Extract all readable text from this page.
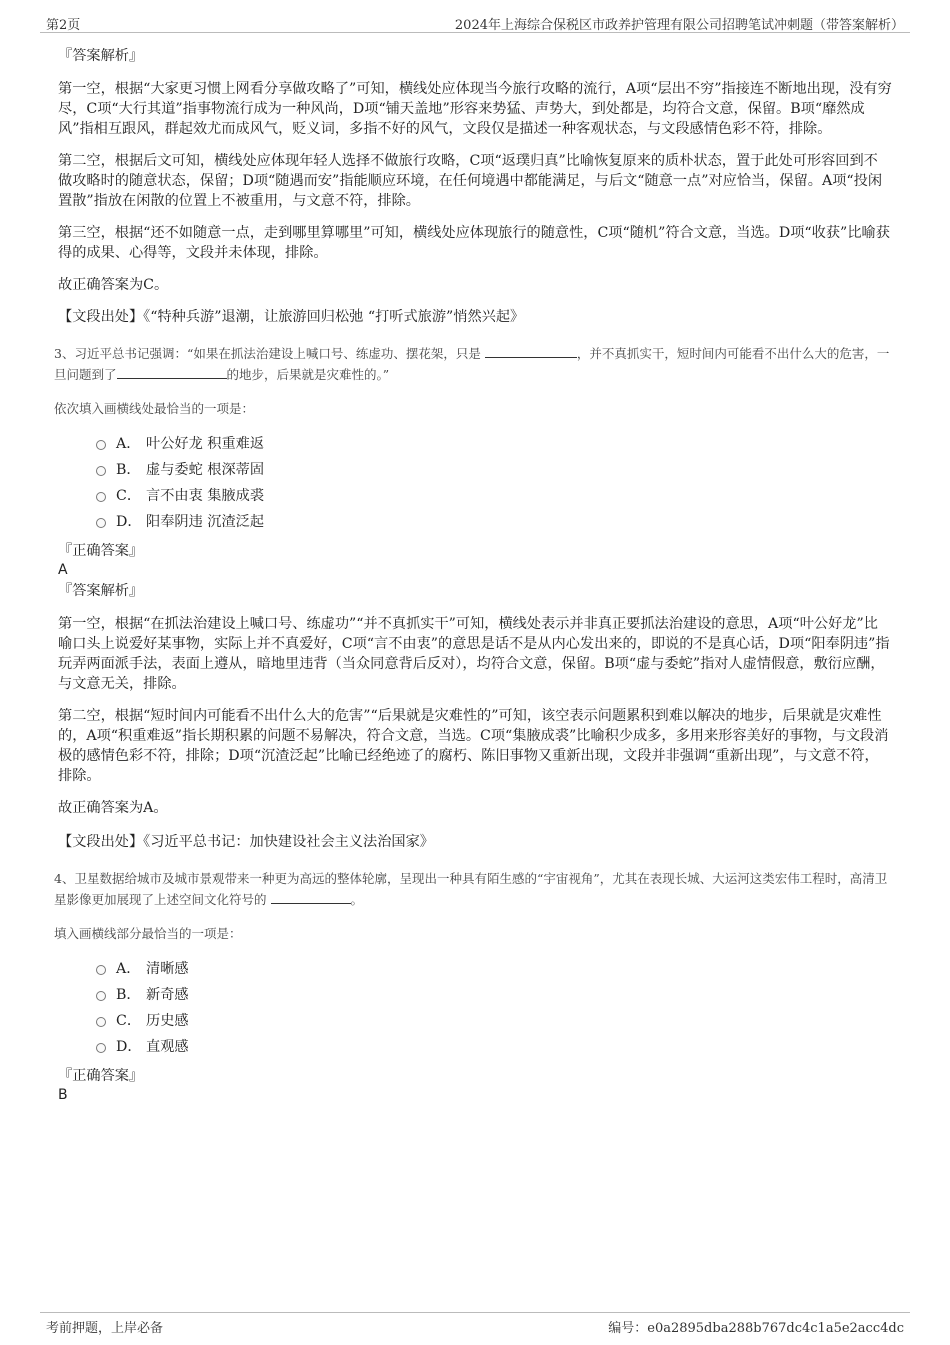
第2页	2024年上海综合保税区市政养护管理有限公司招聘笔试冲刺题（带答案解析）

『答案解析』

第一空，根据“大家更习惯上网看分享做攻略了”可知，横线处应体现当今旅行攻略的流行，A项“层出不穷”指接连不断地出现，没有穷尽，C项“大行其道”指事物流行成为一种风尚，D项“铺天盖地”形容来势猛、声势大，到处都是，均符合文意，保留。B项“靡然成风”指相互跟风，群起效尤而成风气，贬义词，多指不好的风气，文段仅是描述一种客观状态，与文段感情色彩不符，排除。

第二空，根据后文可知，横线处应体现年轻人选择不做旅行攻略，C项“返璞归真”比喻恢复原来的质朴状态，置于此处可形容回到不做攻略时的随意状态，保留；D项“随遇而安”指能顺应环境，在任何境遇中都能满足，与后文“随意一点”对应恰当，保留。A项“投闲置散”指放在闲散的位置上不被重用，与文意不符，排除。

第三空，根据“还不如随意一点，走到哪里算哪里”可知，横线处应体现旅行的随意性，C项“随机”符合文意，当选。D项“收获”比喻获得的成果、心得等，文段并未体现，排除。

故正确答案为C。

【文段出处】《“特种兵游”退潮，让旅游回归松弛 “打听式旅游”悄然兴起》

3、习近平总书记强调：“如果在抓法治建设上喊口号、练虚功、摆花架，只是	，并不真抓实干，短时间内可能看不出什么大的危害，一旦问题到了	的地步，后果就是灾难性的。”

依次填入画横线处最恰当的一项是：

A． 叶公好龙 积重难返
B． 虚与委蛇 根深蒂固
C． 言不由衷 集腋成裘
D． 阳奉阴违 沉渣泛起

『正确答案』

A

『答案解析』

第一空，根据“在抓法治建设上喊口号、练虚功”“并不真抓实干”可知，横线处表示并非真正要抓法治建设的意思，A项“叶公好龙”比喻口头上说爱好某事物，实际上并不真爱好，C项“言不由衷”的意思是话不是从内心发出来的，即说的不是真心话，D项“阳奉阴违”指玩弄两面派手法，表面上遵从，暗地里违背（当众同意背后反对），均符合文意，保留。B项“虚与委蛇”指对人虚情假意，敷衍应酬，与文意无关，排除。

第二空，根据“短时间内可能看不出什么大的危害”“后果就是灾难性的”可知，该空表示问题累积到难以解决的地步，后果就是灾难性的，A项“积重难返”指长期积累的问题不易解决，符合文意，当选。C项“集腋成裘”比喻积少成多，多用来形容美好的事物，与文段消极的感情色彩不符，排除；D项“沉渣泛起”比喻已经绝迹了的腐朽、陈旧事物又重新出现，文段并非强调“重新出现”，与文意不符，排除。

故正确答案为A。

【文段出处】《习近平总书记：加快建设社会主义法治国家》

4、卫星数据给城市及城市景观带来一种更为高远的整体轮廓，呈现出一种具有陌生感的“宇宙视角”，尤其在表现长城、大运河这类宏伟工程时，高清卫星影像更加展现了上述空间文化符号的	。

填入画横线部分最恰当的一项是：

A． 清晰感
B． 新奇感
C． 历史感
D． 直观感

『正确答案』

B

考前押题，上岸必备	编号：e0a2895dba288b767dc4c1a5e2acc4dc
